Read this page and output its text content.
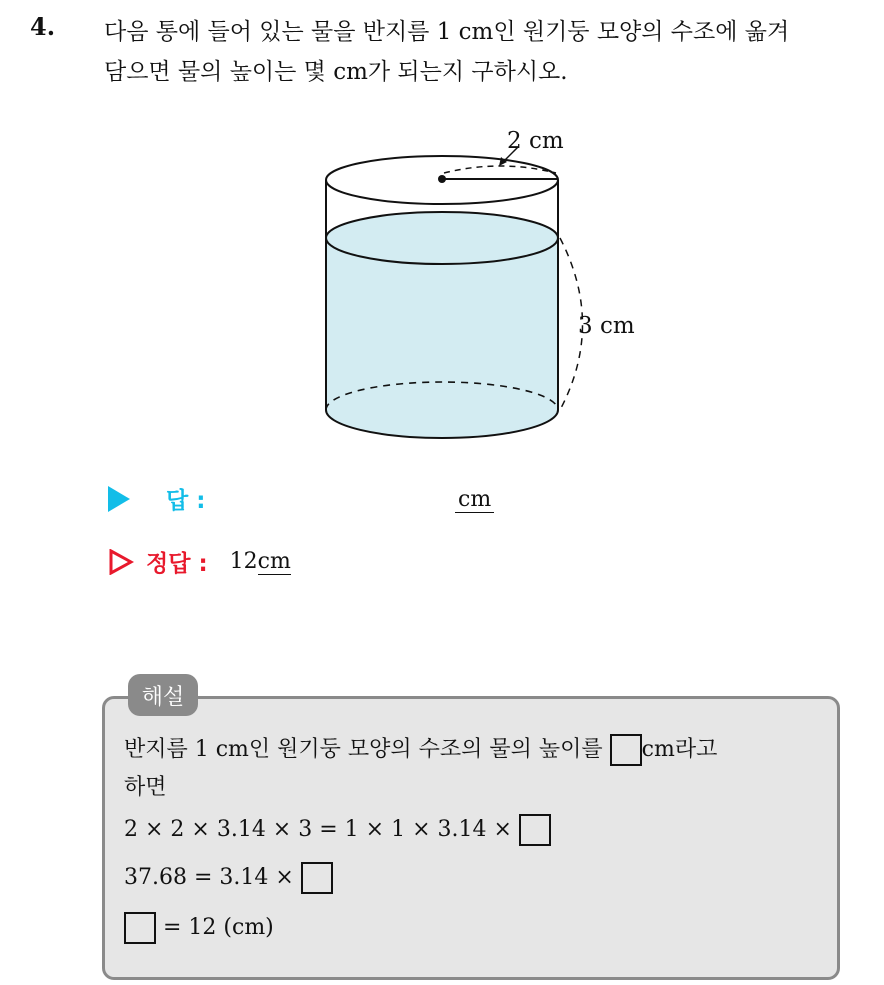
4. 다음 통에 들어 있는 물을 반지름 1 cm인 원기둥 모양의 수조에 옮겨
담으면 물의 높이는 몇 cm가 되는지 구하시오.
2 cm
3 cm
답 :	cm
정답 : 12cm
해설
반지름 1 cm인 원기둥 모양의 수조의 물의 높이를 cm라고
하면
2 × 2 × 3.14 × 3 = 1 × 1 × 3.14 ×
37.68 = 3.14 ×
= 12 (cm)
